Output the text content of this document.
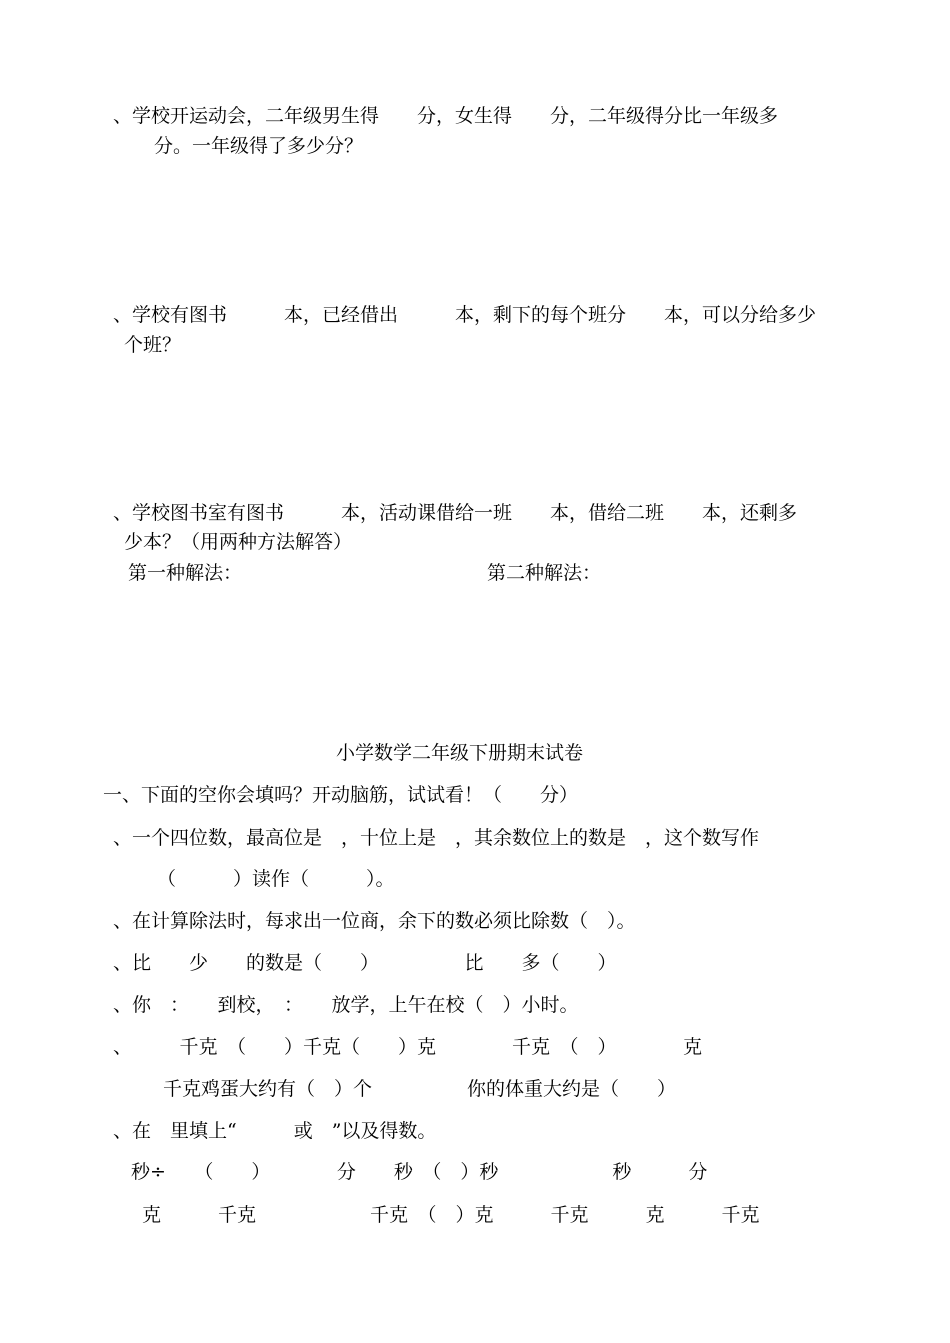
、学校开运动会，二年级男生得　　分，女生得　　分，二年级得分比一年级多
分。一年级得了多少分？
、学校有图书　　　本，已经借出　　　本，剩下的每个班分　　本，可以分给多少
个班？
、学校图书室有图书　　　本，活动课借给一班　　本，借给二班　　本，还剩多
少本？（用两种方法解答）
第一种解法：	第二种解法：
小学数学二年级下册期末试卷
一、下面的空你会填吗？开动脑筋，试试看！（　　分）
、一个四位数，最高位是　，十位上是　，其余数位上的数是　，这个数写作
（　　　）读作（　　　）。
、在计算除法时，每求出一位商，余下的数必须比除数（　）。
、比　　少　　的数是（　　）　　　　　比　　多（　　）
、你　：　　到校，　：　　放学，上午在校（　）小时。
、　　　千克　（　　）千克（　　）克　　　　千克　（　）　　　　克
千克鸡蛋大约有（　）个　　　　　你的体重大约是（　　）
、在　里填上“　　　或　”以及得数。
秒÷　　（　　）　　　　分　　秒　（　）秒　　　　　　秒　　　分
克　　　千克　　　　　　千克　（　）克　　　千克　　　克　　　千克
